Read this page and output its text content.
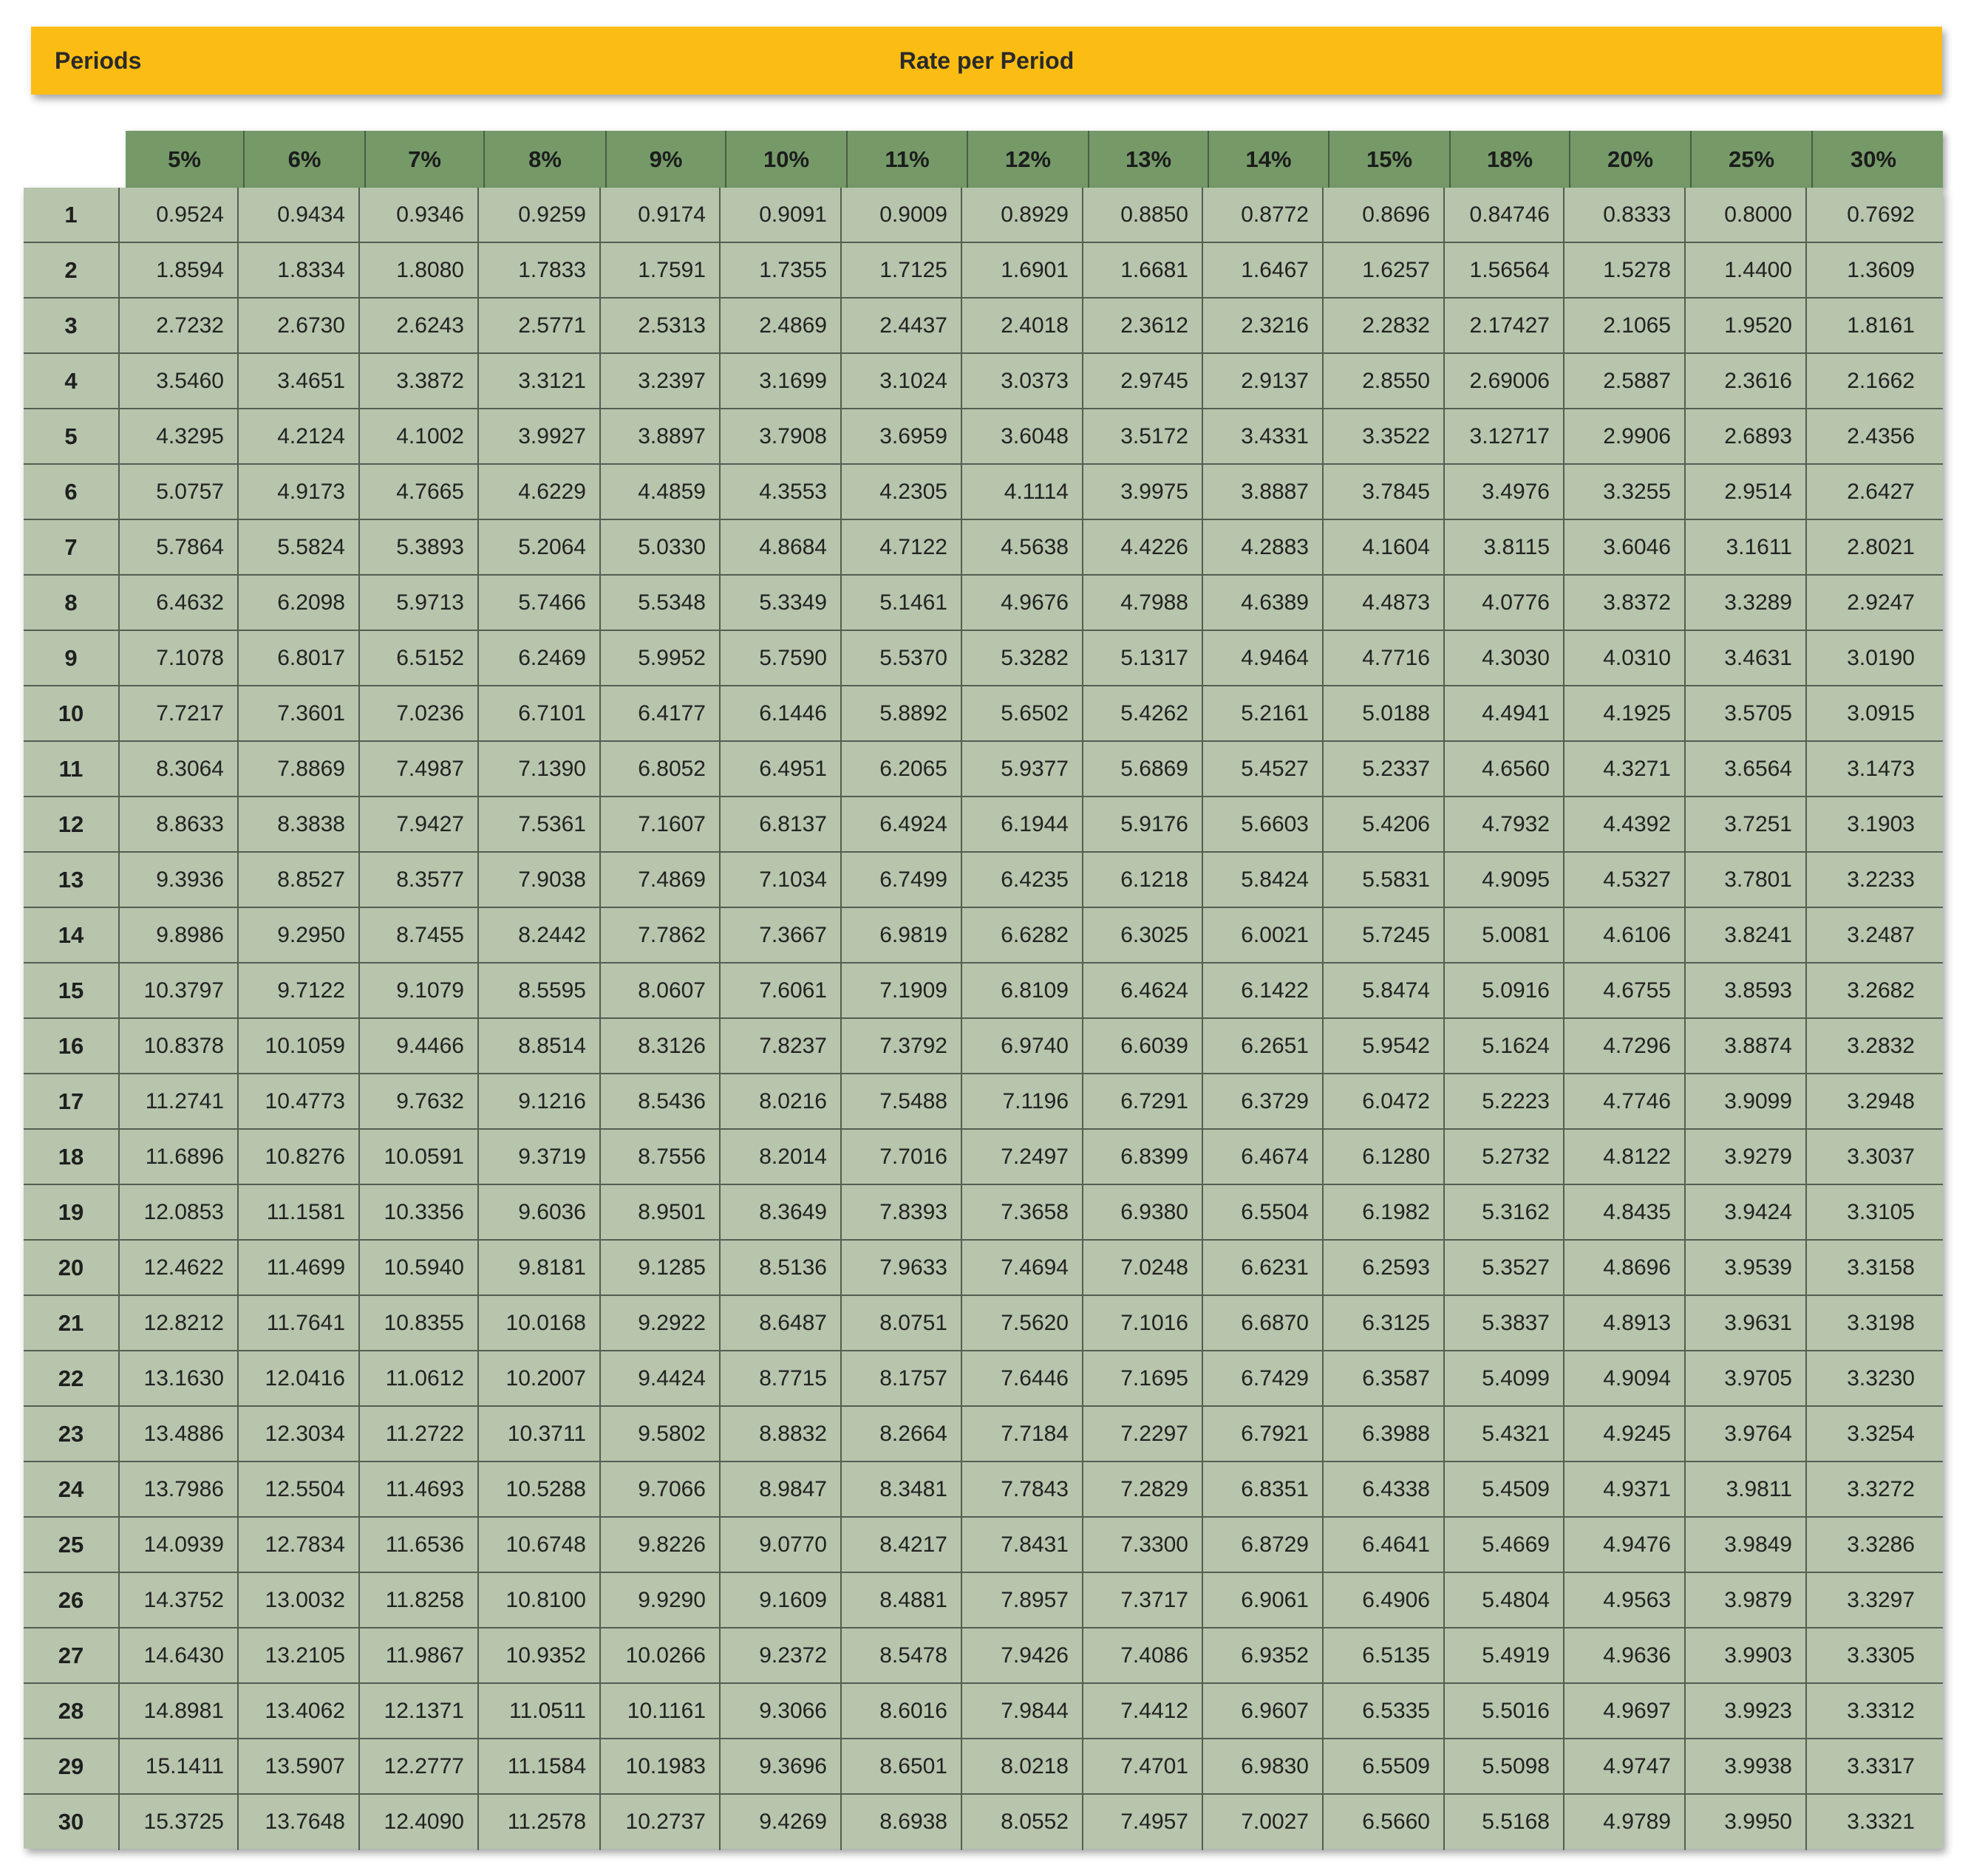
Periods	Rate per Period
5%	6%	7%	8%	9%	10%	11%	12%	13%	14%	15%	18%	20%	25%	30%
1	0.9524	0.9434	0.9346	0.9259	0.9174	0.9091	0.9009	0.8929	0.8850	0.8772	0.8696	0.84746	0.8333	0.8000	0.7692
2	1.8594	1.8334	1.8080	1.7833	1.7591	1.7355	1.7125	1.6901	1.6681	1.6467	1.6257	1.56564	1.5278	1.4400	1.3609
3	2.7232	2.6730	2.6243	2.5771	2.5313	2.4869	2.4437	2.4018	2.3612	2.3216	2.2832	2.17427	2.1065	1.9520	1.8161
4	3.5460	3.4651	3.3872	3.3121	3.2397	3.1699	3.1024	3.0373	2.9745	2.9137	2.8550	2.69006	2.5887	2.3616	2.1662
5	4.3295	4.2124	4.1002	3.9927	3.8897	3.7908	3.6959	3.6048	3.5172	3.4331	3.3522	3.12717	2.9906	2.6893	2.4356
6	5.0757	4.9173	4.7665	4.6229	4.4859	4.3553	4.2305	4.1114	3.9975	3.8887	3.7845	3.4976	3.3255	2.9514	2.6427
7	5.7864	5.5824	5.3893	5.2064	5.0330	4.8684	4.7122	4.5638	4.4226	4.2883	4.1604	3.8115	3.6046	3.1611	2.8021
8	6.4632	6.2098	5.9713	5.7466	5.5348	5.3349	5.1461	4.9676	4.7988	4.6389	4.4873	4.0776	3.8372	3.3289	2.9247
9	7.1078	6.8017	6.5152	6.2469	5.9952	5.7590	5.5370	5.3282	5.1317	4.9464	4.7716	4.3030	4.0310	3.4631	3.0190
10	7.7217	7.3601	7.0236	6.7101	6.4177	6.1446	5.8892	5.6502	5.4262	5.2161	5.0188	4.4941	4.1925	3.5705	3.0915
11	8.3064	7.8869	7.4987	7.1390	6.8052	6.4951	6.2065	5.9377	5.6869	5.4527	5.2337	4.6560	4.3271	3.6564	3.1473
12	8.8633	8.3838	7.9427	7.5361	7.1607	6.8137	6.4924	6.1944	5.9176	5.6603	5.4206	4.7932	4.4392	3.7251	3.1903
13	9.3936	8.8527	8.3577	7.9038	7.4869	7.1034	6.7499	6.4235	6.1218	5.8424	5.5831	4.9095	4.5327	3.7801	3.2233
14	9.8986	9.2950	8.7455	8.2442	7.7862	7.3667	6.9819	6.6282	6.3025	6.0021	5.7245	5.0081	4.6106	3.8241	3.2487
15	10.3797	9.7122	9.1079	8.5595	8.0607	7.6061	7.1909	6.8109	6.4624	6.1422	5.8474	5.0916	4.6755	3.8593	3.2682
16	10.8378	10.1059	9.4466	8.8514	8.3126	7.8237	7.3792	6.9740	6.6039	6.2651	5.9542	5.1624	4.7296	3.8874	3.2832
17	11.2741	10.4773	9.7632	9.1216	8.5436	8.0216	7.5488	7.1196	6.7291	6.3729	6.0472	5.2223	4.7746	3.9099	3.2948
18	11.6896	10.8276	10.0591	9.3719	8.7556	8.2014	7.7016	7.2497	6.8399	6.4674	6.1280	5.2732	4.8122	3.9279	3.3037
19	12.0853	11.1581	10.3356	9.6036	8.9501	8.3649	7.8393	7.3658	6.9380	6.5504	6.1982	5.3162	4.8435	3.9424	3.3105
20	12.4622	11.4699	10.5940	9.8181	9.1285	8.5136	7.9633	7.4694	7.0248	6.6231	6.2593	5.3527	4.8696	3.9539	3.3158
21	12.8212	11.7641	10.8355	10.0168	9.2922	8.6487	8.0751	7.5620	7.1016	6.6870	6.3125	5.3837	4.8913	3.9631	3.3198
22	13.1630	12.0416	11.0612	10.2007	9.4424	8.7715	8.1757	7.6446	7.1695	6.7429	6.3587	5.4099	4.9094	3.9705	3.3230
23	13.4886	12.3034	11.2722	10.3711	9.5802	8.8832	8.2664	7.7184	7.2297	6.7921	6.3988	5.4321	4.9245	3.9764	3.3254
24	13.7986	12.5504	11.4693	10.5288	9.7066	8.9847	8.3481	7.7843	7.2829	6.8351	6.4338	5.4509	4.9371	3.9811	3.3272
25	14.0939	12.7834	11.6536	10.6748	9.8226	9.0770	8.4217	7.8431	7.3300	6.8729	6.4641	5.4669	4.9476	3.9849	3.3286
26	14.3752	13.0032	11.8258	10.8100	9.9290	9.1609	8.4881	7.8957	7.3717	6.9061	6.4906	5.4804	4.9563	3.9879	3.3297
27	14.6430	13.2105	11.9867	10.9352	10.0266	9.2372	8.5478	7.9426	7.4086	6.9352	6.5135	5.4919	4.9636	3.9903	3.3305
28	14.8981	13.4062	12.1371	11.0511	10.1161	9.3066	8.6016	7.9844	7.4412	6.9607	6.5335	5.5016	4.9697	3.9923	3.3312
29	15.1411	13.5907	12.2777	11.1584	10.1983	9.3696	8.6501	8.0218	7.4701	6.9830	6.5509	5.5098	4.9747	3.9938	3.3317
30	15.3725	13.7648	12.4090	11.2578	10.2737	9.4269	8.6938	8.0552	7.4957	7.0027	6.5660	5.5168	4.9789	3.9950	3.3321
